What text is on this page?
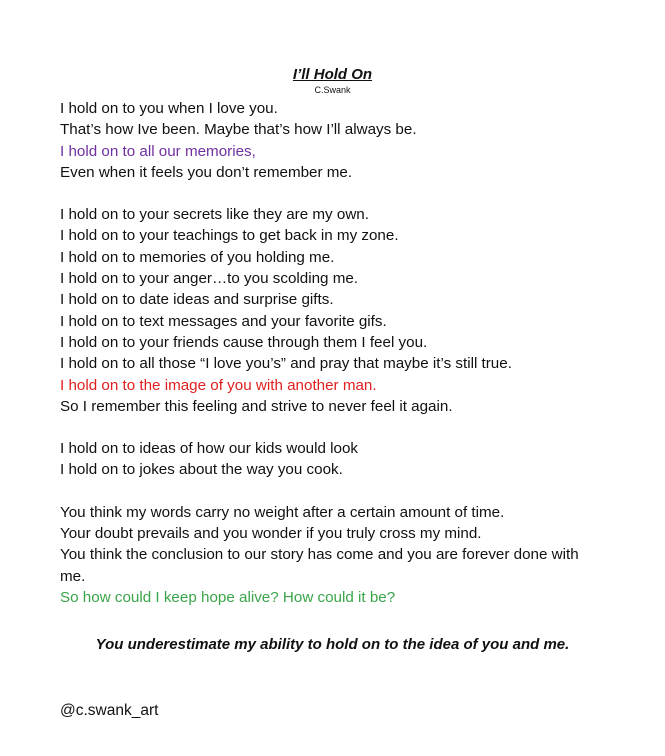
I’ll Hold On
C.Swank
I hold on to you when I love you.
That’s how Ive been. Maybe that’s how I’ll always be.
I hold on to all our memories,
Even when it feels you don’t remember me.
I hold on to your secrets like they are my own.
I hold on to your teachings to get back in my zone.
I hold on to memories of you holding me.
I hold on to your anger…to you scolding me.
I hold on to date ideas and surprise gifts.
I hold on to text messages and your favorite gifs.
I hold on to your friends cause through them I feel you.
I hold on to all those “I love you’s” and pray that maybe it’s still true.
I hold on to the image of you with another man.
So I remember this feeling and strive to never feel it again.
I hold on to ideas of how our kids would look
I hold on to jokes about the way you cook.
You think my words carry no weight after a certain amount of time.
Your doubt prevails and you wonder if you truly cross my mind.
You think the conclusion to our story has come and you are forever done with me.
So how could I keep hope alive? How could it be?
You underestimate my ability to hold on to the idea of you and me.
@c.swank_art
